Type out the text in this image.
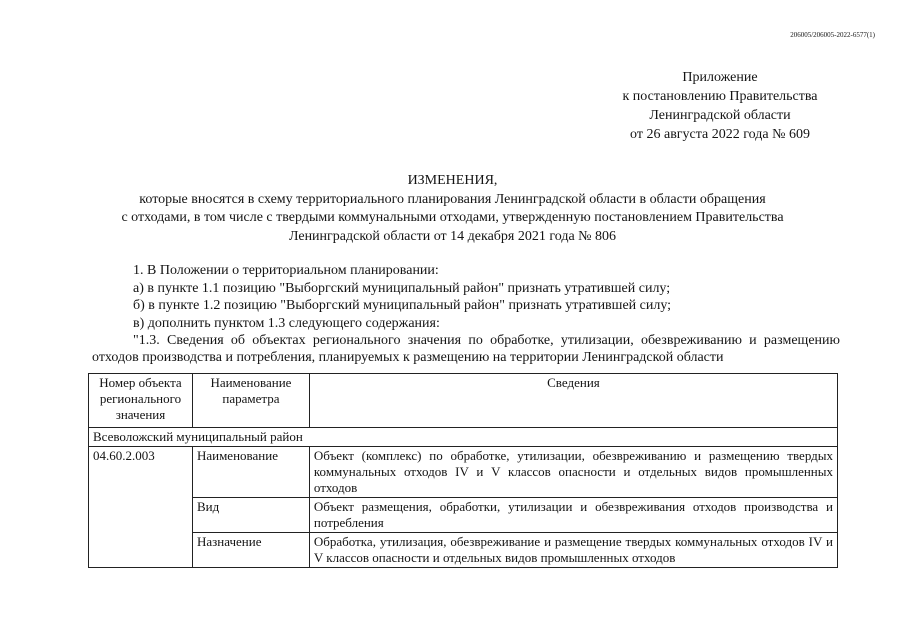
206005/206005-2022-6577(1)
Приложение
к постановлению Правительства
Ленинградской области
от 26 августа 2022 года № 609
ИЗМЕНЕНИЯ,
которые вносятся в схему территориального планирования Ленинградской области в области обращения
с отходами, в том числе с твердыми коммунальными отходами, утвержденную постановлением Правительства
Ленинградской области от 14 декабря 2021 года № 806
1. В Положении о территориальном планировании:
а) в пункте 1.1 позицию "Выборгский муниципальный район" признать утратившей силу;
б) в пункте 1.2 позицию "Выборгский муниципальный район" признать утратившей силу;
в) дополнить пунктом 1.3 следующего содержания:
"1.3. Сведения об объектах регионального значения по обработке, утилизации, обезвреживанию и размещению
отходов производства и потребления, планируемых к размещению на территории Ленинградской области
Номер объекта регионального значения	Наименование параметра	Сведения
Всеволожский муниципальный район		
04.60.2.003	Наименование	Объект (комплекс) по обработке, утилизации, обезвреживанию и размещению твердых коммунальных отходов IV и V классов опасности и отдельных видов промышленных отходов
	Вид	Объект размещения, обработки, утилизации и обезвреживания отходов производства и потребления
	Назначение	Обработка, утилизация, обезвреживание и размещение твердых коммунальных отходов IV и V классов опасности и отдельных видов промышленных отходов
